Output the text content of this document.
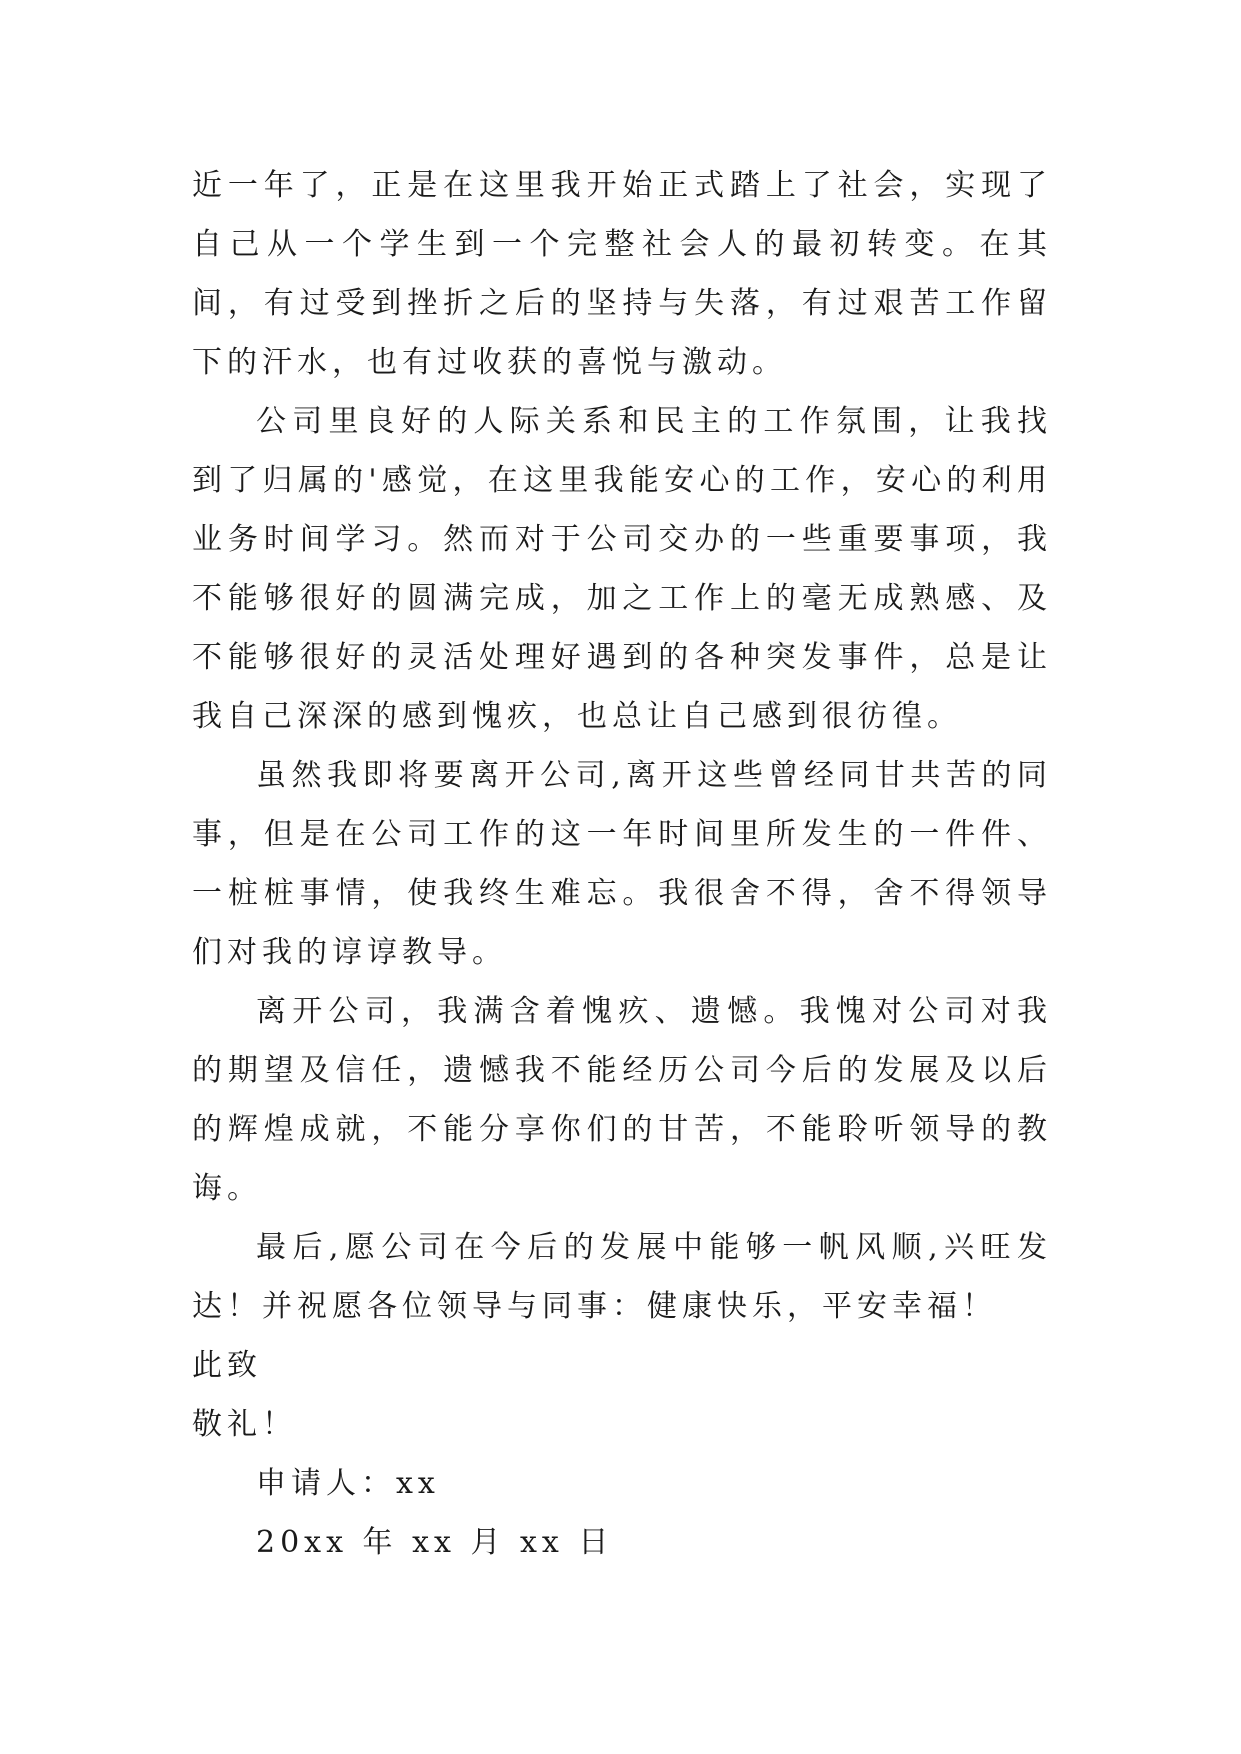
近一年了，正是在这里我开始正式踏上了社会，实现了自己从一个学生到一个完整社会人的最初转变。在其间，有过受到挫折之后的坚持与失落，有过艰苦工作留下的汗水，也有过收获的喜悦与激动。

公司里良好的人际关系和民主的工作氛围，让我找到了归属的'感觉，在这里我能安心的工作，安心的利用业务时间学习。然而对于公司交办的一些重要事项，我不能够很好的圆满完成，加之工作上的毫无成熟感、及不能够很好的灵活处理好遇到的各种突发事件，总是让我自己深深的感到愧疚，也总让自己感到很彷徨。

虽然我即将要离开公司,离开这些曾经同甘共苦的同事，但是在公司工作的这一年时间里所发生的一件件、一桩桩事情，使我终生难忘。我很舍不得，舍不得领导们对我的谆谆教导。

离开公司，我满含着愧疚、遗憾。我愧对公司对我的期望及信任，遗憾我不能经历公司今后的发展及以后的辉煌成就，不能分享你们的甘苦，不能聆听领导的教诲。

最后,愿公司在今后的发展中能够一帆风顺,兴旺发达！并祝愿各位领导与同事：健康快乐，平安幸福！

此致

敬礼！

申请人：xx

20xx 年 xx 月 xx 日
